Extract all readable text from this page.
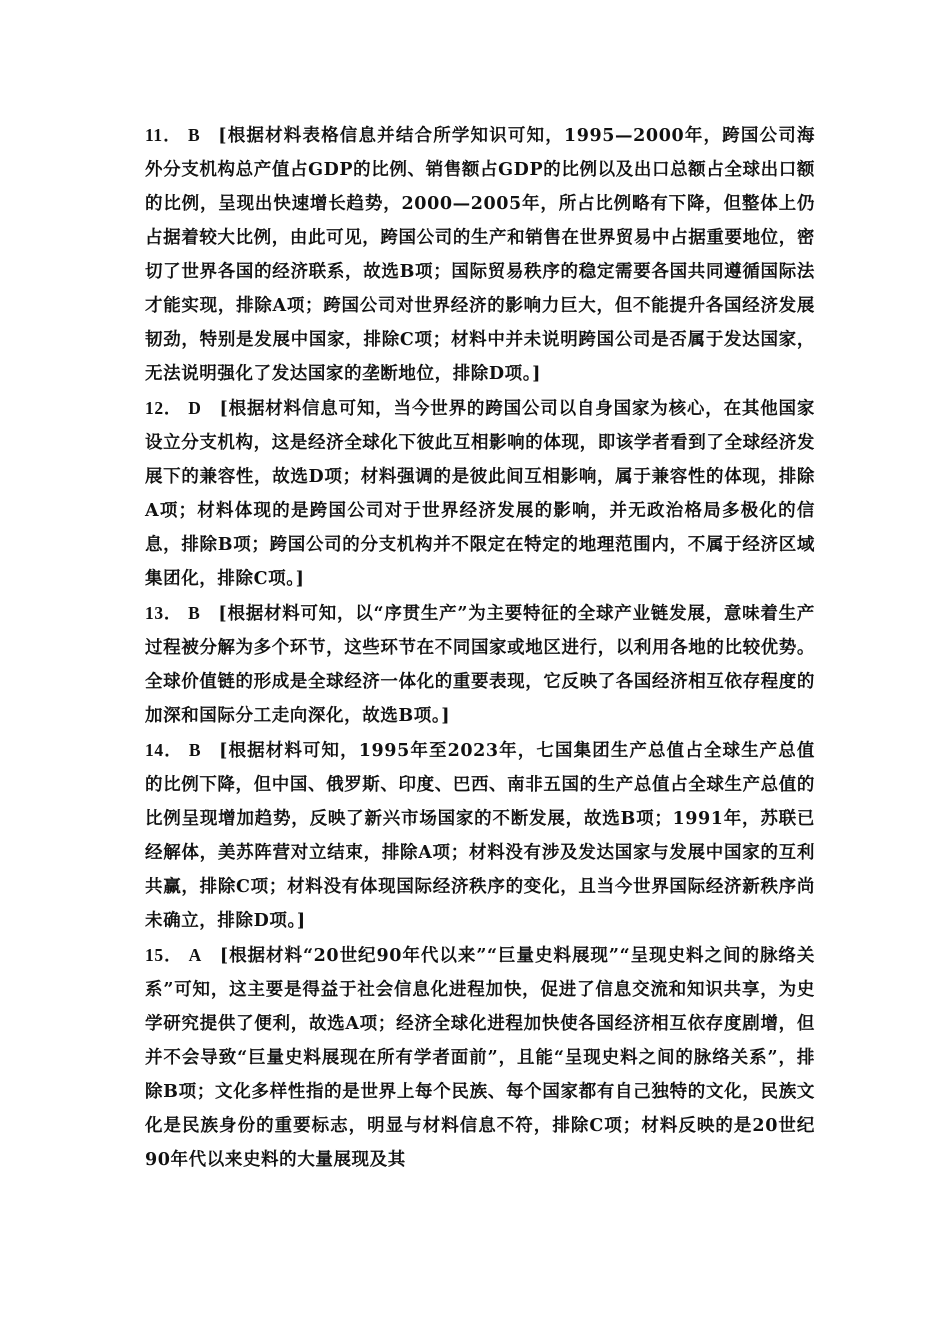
11． B [根据材料表格信息并结合所学知识可知，1995—2000年，跨国公司海外分支机构总产值占GDP的比例、销售额占GDP的比例以及出口总额占全球出口额的比例，呈现出快速增长趋势，2000—2005年，所占比例略有下降，但整体上仍占据着较大比例，由此可见，跨国公司的生产和销售在世界贸易中占据重要地位，密切了世界各国的经济联系，故选B项；国际贸易秩序的稳定需要各国共同遵循国际法才能实现，排除A项；跨国公司对世界经济的影响力巨大，但不能提升各国经济发展韧劲，特别是发展中国家，排除C项；材料中并未说明跨国公司是否属于发达国家，无法说明强化了发达国家的垄断地位，排除D项。]

12． D [根据材料信息可知，当今世界的跨国公司以自身国家为核心，在其他国家设立分支机构，这是经济全球化下彼此互相影响的体现，即该学者看到了全球经济发展下的兼容性，故选D项；材料强调的是彼此间互相影响，属于兼容性的体现，排除A项；材料体现的是跨国公司对于世界经济发展的影响，并无政治格局多极化的信息，排除B项；跨国公司的分支机构并不限定在特定的地理范围内，不属于经济区域集团化，排除C项。]

13． B [根据材料可知，以“序贯生产”为主要特征的全球产业链发展，意味着生产过程被分解为多个环节，这些环节在不同国家或地区进行，以利用各地的比较优势。全球价值链的形成是全球经济一体化的重要表现，它反映了各国经济相互依存程度的加深和国际分工走向深化，故选B项。]

14． B [根据材料可知，1995年至2023年，七国集团生产总值占全球生产总值的比例下降，但中国、俄罗斯、印度、巴西、南非五国的生产总值占全球生产总值的比例呈现增加趋势，反映了新兴市场国家的不断发展，故选B项；1991年，苏联已经解体，美苏阵营对立结束，排除A项；材料没有涉及发达国家与发展中国家的互利共赢，排除C项；材料没有体现国际经济秩序的变化，且当今世界国际经济新秩序尚未确立，排除D项。]

15． A [根据材料“20世纪90年代以来”“巨量史料展现”“呈现史料之间的脉络关系”可知，这主要是得益于社会信息化进程加快，促进了信息交流和知识共享，为史学研究提供了便利，故选A项；经济全球化进程加快使各国经济相互依存度剧增，但并不会导致“巨量史料展现在所有学者面前”，且能“呈现史料之间的脉络关系”，排除B项；文化多样性指的是世界上每个民族、每个国家都有自己独特的文化，民族文化是民族身份的重要标志，明显与材料信息不符，排除C项；材料反映的是20世纪90年代以来史料的大量展现及其
